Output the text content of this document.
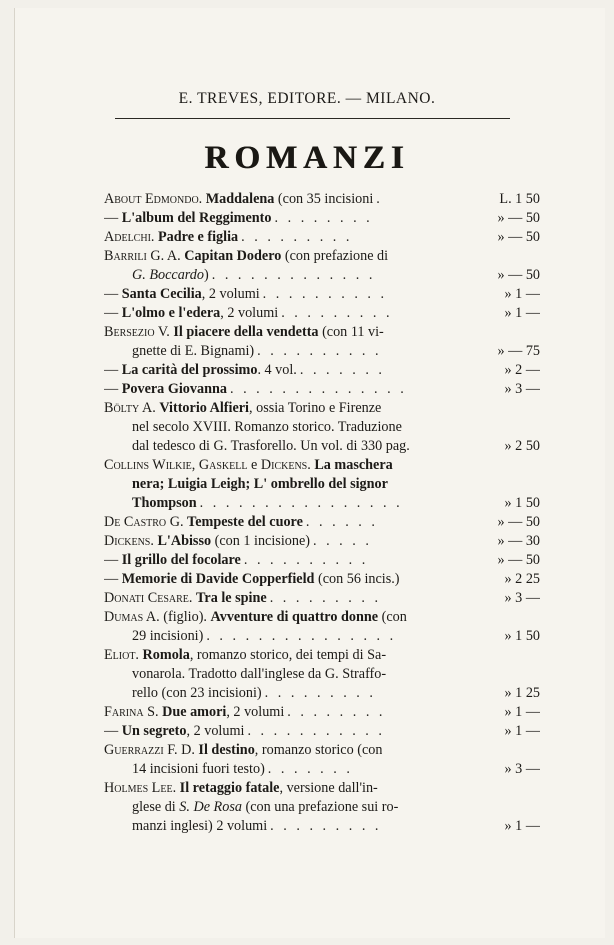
E. TREVES, EDITORE. — MILANO.
ROMANZI
About Edmondo. Maddalena (con 35 incisioni .	L. 1 50
— L'album del Reggimento . . . . . . . .	» — 50
Adelchi. Padre e figlia . . . . . . . . .	» — 50
Barrili G. A. Capitan Dodero (con prefazione di
G. Boccardo) . . . . . . . . . . . . .	» — 50
— Santa Cecilia, 2 volumi . . . . . . . . . .	» 1 —
— L'olmo e l'edera, 2 volumi . . . . . . . . .	» 1 —
Bersezio V. Il piacere della vendetta (con 11 vi-
gnette di E. Bignami) . . . . . . . . . .	» — 75
— La carità del prossimo. 4 vol. . . . . . . .	» 2 —
— Povera Giovanna . . . . . . . . . . . . . .	» 3 —
Bölty A. Vittorio Alfieri, ossia Torino e Firenze
nel secolo XVIII. Romanzo storico. Traduzione
dal tedesco di G. Trasforello. Un vol. di 330 pag.	» 2 50
Collins Wilkie, Gaskell e Dickens. La maschera
nera; Luigia Leigh; L' ombrello del signor
Thompson . . . . . . . . . . . . . . . .	» 1 50
De Castro G. Tempeste del cuore . . . . . .	» — 50
Dickens. L'Abisso (con 1 incisione) . . . . .	» — 30
— Il grillo del focolare . . . . . . . . . .	» — 50
— Memorie di Davide Copperfield (con 56 incis.)	» 2 25
Donati Cesare. Tra le spine . . . . . . . . .	» 3 —
Dumas A. (figlio). Avventure di quattro donne (con
29 incisioni) . . . . . . . . . . . . . . .	» 1 50
Eliot. Romola, romanzo storico, dei tempi di Sa-
vonarola. Tradotto dall'inglese da G. Straffo-
rello (con 23 incisioni) . . . . . . . . .	» 1 25
Farina S. Due amori, 2 volumi . . . . . . . .	» 1 —
— Un segreto, 2 volumi . . . . . . . . . . .	» 1 —
Guerrazzi F. D. Il destino, romanzo storico (con
14 incisioni fuori testo) . . . . . . .	» 3 —
Holmes Lee. Il retaggio fatale, versione dall'in-
glese di S. De Rosa (con una prefazione sui ro-
manzi inglesi) 2 volumi . . . . . . . . .	» 1 —
